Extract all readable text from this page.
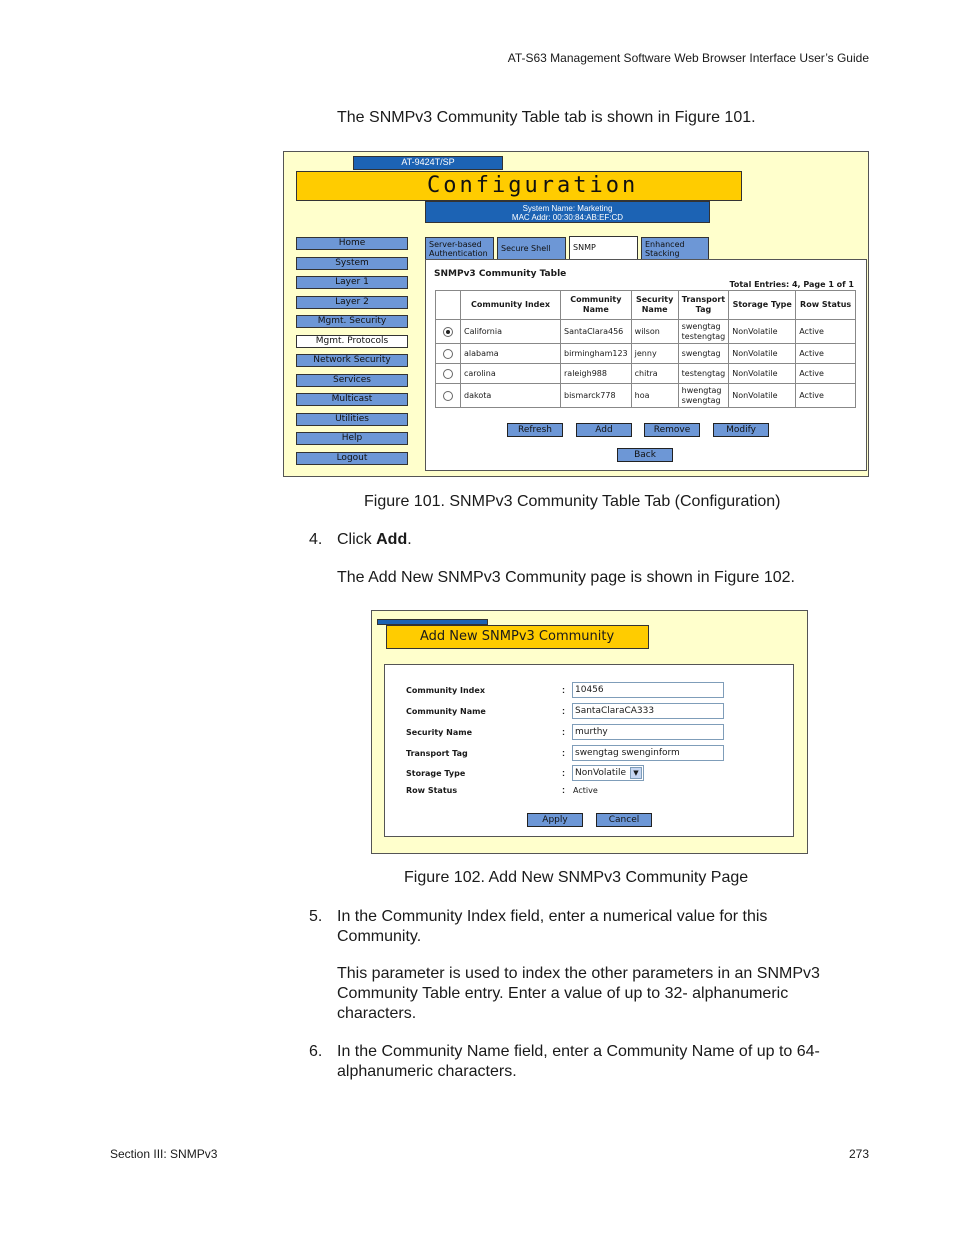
AT-S63 Management Software Web Browser Interface User’s Guide
The SNMPv3 Community Table tab is shown in Figure 101.
AT-9424T/SP
Configuration
System Name: Marketing
MAC Addr: 00:30:84:AB:EF:CD
Home
System
Layer 1
Layer 2
Mgmt. Security
Mgmt. Protocols
Network Security
Services
Multicast
Utilities
Help
Logout
Server-based Authentication
Secure Shell	SNMP	Enhanced Stacking
SNMPv3 Community Table
Total Entries: 4, Page 1 of 1
	Community Index	Community Name	Security Name	Transport Tag	Storage Type	Row Status
	California	SantaClara456	wilson	swengtag testengtag	NonVolatile	Active
	alabama	birmingham123	jenny	swengtag	NonVolatile	Active
	carolina	raleigh988	chitra	testengtag	NonVolatile	Active
	dakota	bismarck778	hoa	hwengtag swengtag	NonVolatile	Active
Refresh	Add	Remove	Modify
Back
Figure 101. SNMPv3 Community Table Tab (Configuration)
4. Click Add.
The Add New SNMPv3 Community page is shown in Figure 102.
Add New SNMPv3 Community
Community Index	:	10456
Community Name	:	SantaClaraCA333
Security Name	:	murthy
Transport Tag	:	swengtag swenginform
Storage Type	:	NonVolatile	▼
Row Status	: Active
Apply	Cancel
Figure 102. Add New SNMPv3 Community Page
5. In the Community Index field, enter a numerical value for this Community.
This parameter is used to index the other parameters in an SNMPv3 Community Table entry. Enter a value of up to 32- alphanumeric characters.
6. In the Community Name field, enter a Community Name of up to 64-alphanumeric characters.
Section III: SNMPv3	273
